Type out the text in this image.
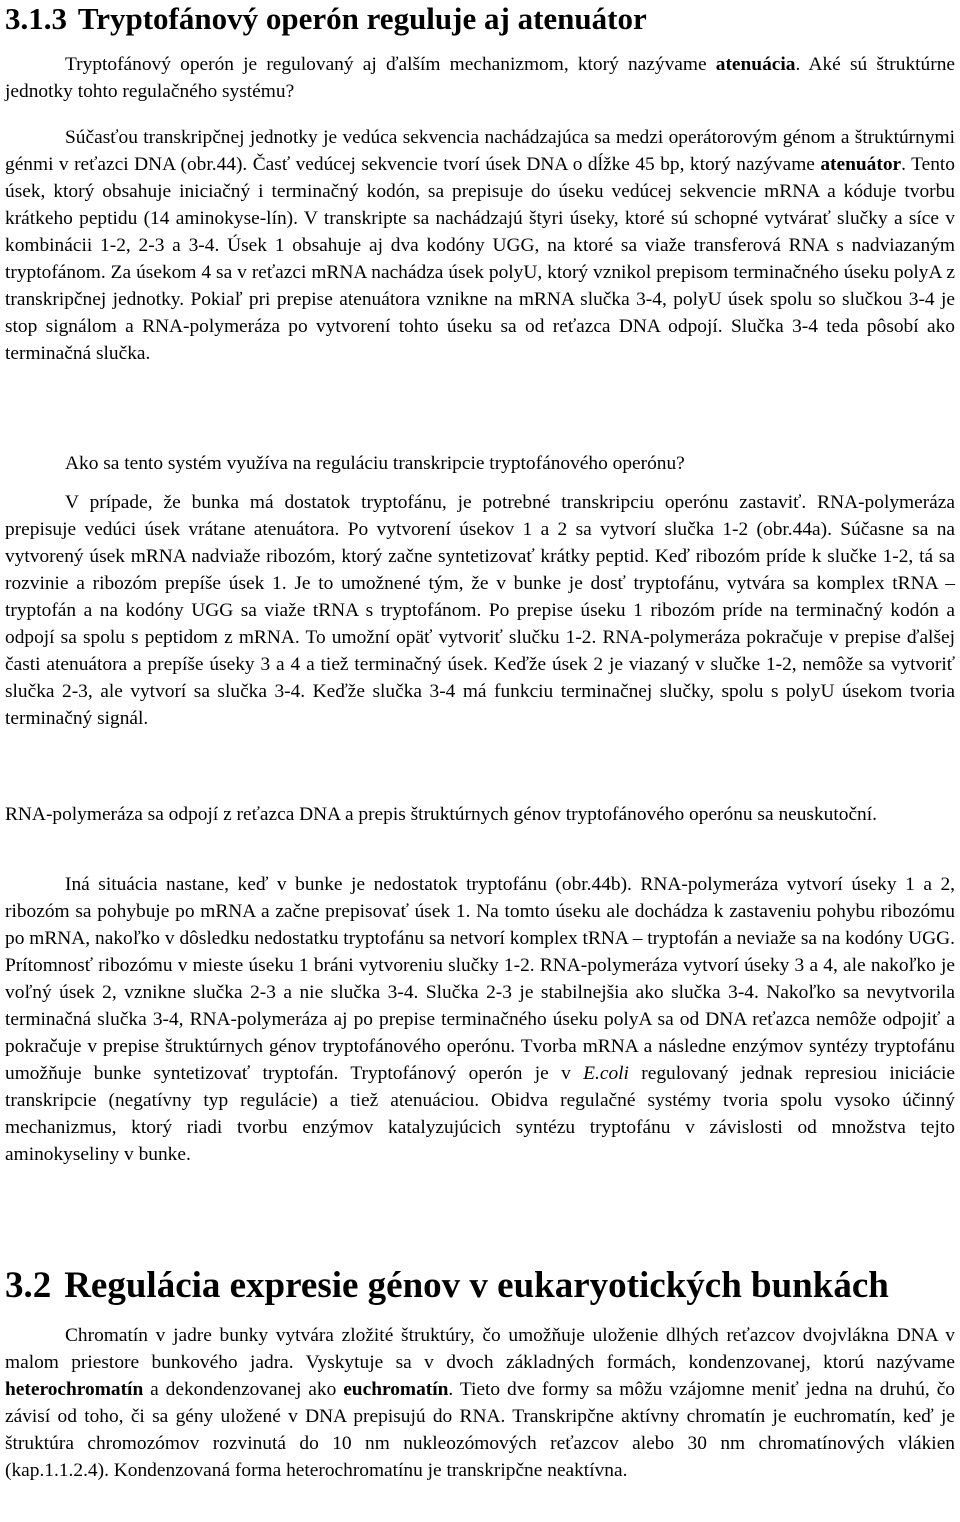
3.1.3 Tryptofánový operón reguluje aj atenuátor

Tryptofánový operón je regulovaný aj ďalším mechanizmom, ktorý nazývame atenuácia. Aké sú štruktúrne jednotky tohto regulačného systému?

Súčasťou transkripčnej jednotky je vedúca sekvencia nachádzajúca sa medzi operátorovým génom a štruktúrnymi génmi v reťazci DNA (obr.44). Časť vedúcej sekvencie tvorí úsek DNA o dĺžke 45 bp, ktorý nazývame atenuátor. Tento úsek, ktorý obsahuje iniciačný i terminačný kodón, sa prepisuje do úseku vedúcej sekvencie mRNA a kóduje tvorbu krátkeho peptidu (14 aminokyse-lín). V transkripte sa nachádzajú štyri úseky, ktoré sú schopné vytvárať slučky a síce v kombinácii 1-2, 2-3 a 3-4. Úsek 1 obsahuje aj dva kodóny UGG, na ktoré sa viaže transferová RNA s nadviazaným tryptofánom. Za úsekom 4 sa v reťazci mRNA nachádza úsek polyU, ktorý vznikol prepisom terminačného úseku polyA z transkripčnej jednotky. Pokiaľ pri prepise atenuátora vznikne na mRNA slučka 3-4, polyU úsek spolu so slučkou 3-4 je stop signálom a RNA-polymeráza po vytvorení tohto úseku sa od reťazca DNA odpojí. Slučka 3-4 teda pôsobí ako terminačná slučka.

Ako sa tento systém využíva na reguláciu transkripcie tryptofánového operónu?

V prípade, že bunka má dostatok tryptofánu, je potrebné transkripciu operónu zastaviť. RNA-polymeráza prepisuje vedúci úsek vrátane atenuátora. Po vytvorení úsekov 1 a 2 sa vytvorí slučka 1-2 (obr.44a). Súčasne sa na vytvorený úsek mRNA nadviaže ribozóm, ktorý začne syntetizovať krátky peptid. Keď ribozóm príde k slučke 1-2, tá sa rozvinie a ribozóm prepíše úsek 1. Je to umožnené tým, že v bunke je dosť tryptofánu, vytvára sa komplex tRNA – tryptofán a na kodóny UGG sa viaže tRNA s tryptofánom. Po prepise úseku 1 ribozóm príde na terminačný kodón a odpojí sa spolu s peptidom z mRNA. To umožní opäť vytvoriť slučku 1-2. RNA-polymeráza pokračuje v prepise ďalšej časti atenuátora a prepíše úseky 3 a 4 a tiež terminačný úsek. Keďže úsek 2 je viazaný v slučke 1-2, nemôže sa vytvoriť slučka 2-3, ale vytvorí sa slučka 3-4. Keďže slučka 3-4 má funkciu terminačnej slučky, spolu s polyU úsekom tvoria terminačný signál.

RNA-polymeráza sa odpojí z reťazca DNA a prepis štruktúrnych génov tryptofánového operónu sa neuskutoční.

Iná situácia nastane, keď v bunke je nedostatok tryptofánu (obr.44b). RNA-polymeráza vytvorí úseky 1 a 2, ribozóm sa pohybuje po mRNA a začne prepisovať úsek 1. Na tomto úseku ale dochádza k zastaveniu pohybu ribozómu po mRNA, nakoľko v dôsledku nedostatku tryptofánu sa netvorí komplex tRNA – tryptofán a neviaže sa na kodóny UGG. Prítomnosť ribozómu v mieste úseku 1 bráni vytvoreniu slučky 1-2. RNA-polymeráza vytvorí úseky 3 a 4, ale nakoľko je voľný úsek 2, vznikne slučka 2-3 a nie slučka 3-4. Slučka 2-3 je stabilnejšia ako slučka 3-4. Nakoľko sa nevytvorila terminačná slučka 3-4, RNA-polymeráza aj po prepise terminačného úseku polyA sa od DNA reťazca nemôže odpojiť a pokračuje v prepise štruktúrnych génov tryptofánového operónu. Tvorba mRNA a následne enzýmov syntézy tryptofánu umožňuje bunke syntetizovať tryptofán. Tryptofánový operón je v E.coli regulovaný jednak represiou iniciácie transkripcie (negatívny typ regulácie) a tiež atenuáciou. Obidva regulačné systémy tvoria spolu vysoko účinný mechanizmus, ktorý riadi tvorbu enzýmov katalyzujúcich syntézu tryptofánu v závislosti od množstva tejto aminokyseliny v bunke.

3.2 Regulácia expresie génov v eukaryotických bunkách

Chromatín v jadre bunky vytvára zložité štruktúry, čo umožňuje uloženie dlhých reťazcov dvojvlákna DNA v malom priestore bunkového jadra. Vyskytuje sa v dvoch základných formách, kondenzovanej, ktorú nazývame heterochromatín a dekondenzovanej ako euchromatín. Tieto dve formy sa môžu vzájomne meniť jedna na druhú, čo závisí od toho, či sa gény uložené v DNA prepisujú do RNA. Transkripčne aktívny chromatín je euchromatín, keď je štruktúra chromozómov rozvinutá do 10 nm nukleozómových reťazcov alebo 30 nm chromatínových vlákien (kap.1.1.2.4). Kondenzovaná forma heterochromatínu je transkripčne neaktívna.
